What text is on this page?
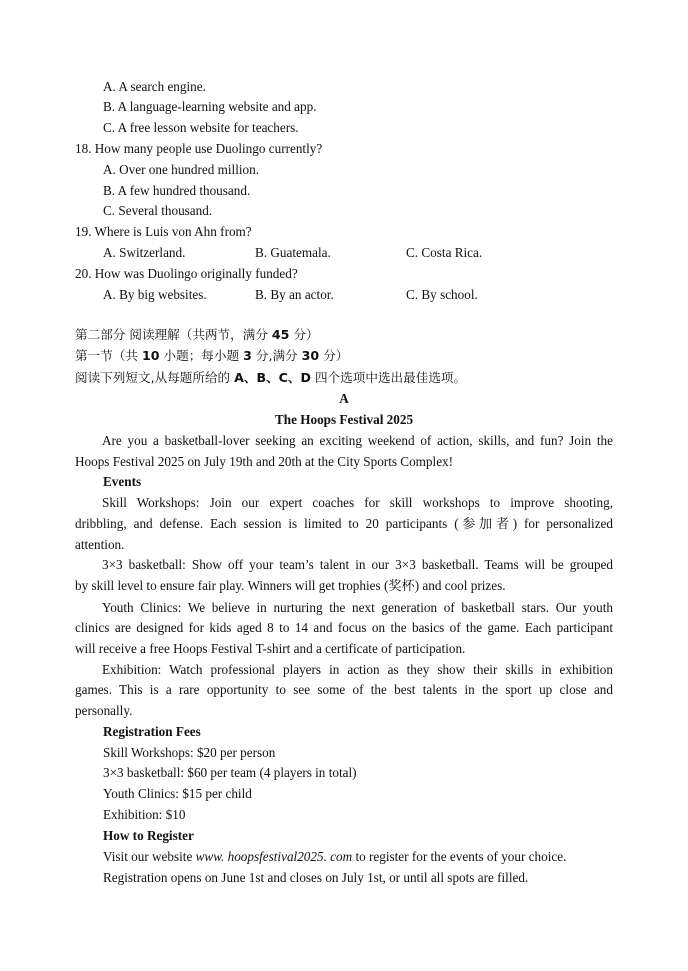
A. A search engine.
B. A language-learning website and app.
C. A free lesson website for teachers.
18. How many people use Duolingo currently?
A. Over one hundred million.
B. A few hundred thousand.
C. Several thousand.
19. Where is Luis von Ahn from?
A. Switzerland.	B. Guatemala.	C. Costa Rica.
20. How was Duolingo originally funded?
A. By big websites.	B. By an actor.	C. By school.
第二部分 阅读理解（共两节，满分 45 分）
第一节（共 10 小题；每小题 3 分,满分 30 分）
阅读下列短文,从每题所给的 A、B、C、D 四个选项中选出最佳选项。
A
The Hoops Festival 2025
Are you a basketball-lover seeking an exciting weekend of action, skills, and fun? Join the
Hoops Festival 2025 on July 19th and 20th at the City Sports Complex!
Events
Skill Workshops: Join our expert coaches for skill workshops to improve shooting,
dribbling, and defense. Each session is limited to 20 participants (参加者) for personalized
attention.
3×3 basketball: Show off your team’s talent in our 3×3 basketball. Teams will be grouped
by skill level to ensure fair play. Winners will get trophies (奖杯) and cool prizes.
Youth Clinics: We believe in nurturing the next generation of basketball stars. Our youth
clinics are designed for kids aged 8 to 14 and focus on the basics of the game. Each participant
will receive a free Hoops Festival T-shirt and a certificate of participation.
Exhibition: Watch professional players in action as they show their skills in exhibition
games. This is a rare opportunity to see some of the best talents in the sport up close and
personally.
Registration Fees
Skill Workshops: $20 per person
3×3 basketball: $60 per team (4 players in total)
Youth Clinics: $15 per child
Exhibition: $10
How to Register
Visit our website www. hoopsfestival2025. com to register for the events of your choice.
Registration opens on June 1st and closes on July 1st, or until all spots are filled.
